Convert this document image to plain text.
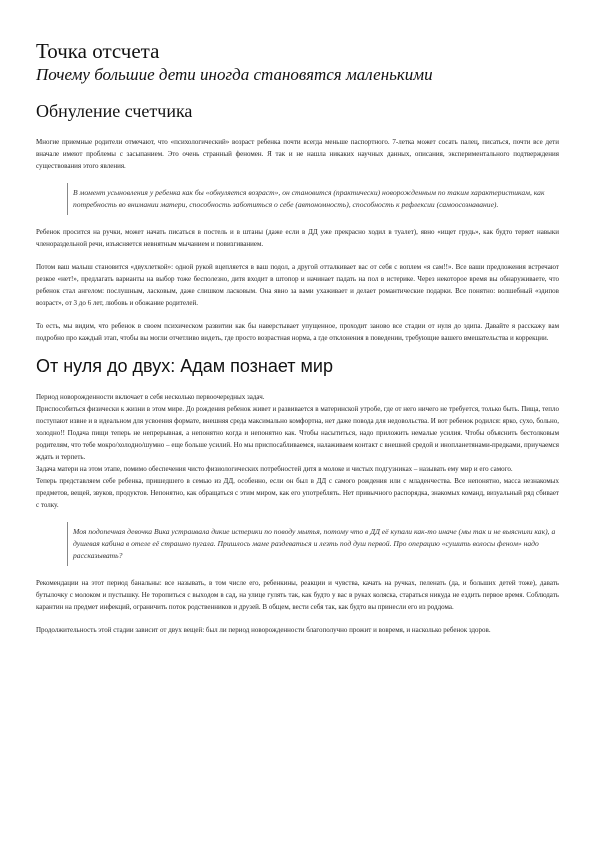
Точка отсчета
Почему большие дети иногда становятся маленькими
Обнуление счетчика

Многие приемные родители отмечают, что «психологический» возраст ребенка почти всегда меньше паспортного. 7-летка может сосать палец, писаться, почти все дети вначале имеют проблемы с засыпанием. Это очень странный феномен. Я так и не нашла никаких научных данных, описания, экспериментального подтверждения существования этого явления.

В момент усыновления у ребенка как бы «обнуляется возраст», он становится (практически) новорожденным по таким характеристикам, как потребность во внимании матери, способность заботиться о себе (автономность), способность к рефлексии (самоосознавание).

Ребенок просится на ручки, может начать писаться в постель и в штаны (даже если в ДД уже прекрасно ходил в туалет), явно «ищет грудь», как будто теряет навыки членораздельной речи, изъясняется невнятным мычанием и повизгиванием.

Потом ваш малыш становится «двухлеткой»: одной рукой вцепляется в ваш подол, а другой отталкивает вас от себя с воплем «я сам!!». Все ваши предложения встречают резкое «нет!», предлагать варианты на выбор тоже бесполезно, дитя входит в штопор и начинает падать на пол в истерике. Через некоторое время вы обнаруживаете, что ребенок стал ангелом: послушным, ласковым, даже слишком ласковым. Она явно за вами ухаживает и делает романтические подарки. Все понятно: волшебный «эдипов возраст», от 3 до 6 лет, любовь и обожание родителей.

То есть, мы видим, что ребенок в своем психическом развитии как бы наверстывает упущенное, проходит заново все стадии от нуля до эдипа. Давайте я расскажу вам подробно про каждый этап, чтобы вы могли отчетливо видеть, где просто возрастная норма, а где отклонения в поведении, требующие вашего вмешательства и коррекции.

От нуля до двух: Адам познает мир

Период новорожденности включает в себя несколько первоочередных задач.

Приспособиться физически к жизни в этом мире. До рождения ребенок живет и развивается в материнской утробе, где от него ничего не требуется, только быть. Пища, тепло поступают извне и в идеальном для усвоения формате, внешняя среда максимально комфортна, нет даже повода для недовольства. И вот ребенок родился: ярко, сухо, больно, холодно!! Подача пищи теперь не непрерывная, а непонятно когда и непонятно как. Чтобы насытиться, надо приложить немалые усилия. Чтобы объяснить бестолковым родителям, что тебе мокро/холодно/шумно – еще больше усилий. Но мы приспосабливаемся, налаживаем контакт с внешней средой и инопланетянами-предками, приучаемся ждать и терпеть.

Задача матери на этом этапе, помимо обеспечения чисто физиологических потребностей дитя в молоке и чистых подгузниках – называть ему мир и его самого.

Теперь представляем себе ребенка, пришедшего в семью из ДД, особенно, если он был в ДД с самого рождения или с младенчества. Все непонятно, масса незнакомых предметов, вещей, звуков, продуктов. Непонятно, как обращаться с этим миром, как его употреблять. Нет привычного распорядка, знакомых команд, визуальный ряд сбивает с толку.

Моя подопечная девочка Вика устраивала дикие истерики по поводу мытья, потому что в ДД её купали как-то иначе (мы так и не выяснили как), а душевая кабина в отеле её страшно пугала. Пришлось маме раздеваться и лезть под душ первой. Про операцию «сушить волосы феном» надо рассказывать?

Рекомендации на этот период банальны: все называть, в том числе его, ребенкины, реакции и чувства, качать на ручках, пеленать (да, и больших детей тоже), давать бутылочку с молоком и пустышку. Не торопиться с выходом в сад, на улице гулять так, как будто у вас в руках коляска, стараться никуда не ездить первое время. Соблюдать карантин на предмет инфекций, ограничить поток родственников и друзей. В общем, вести себя так, как будто вы принесли его из роддома.

Продолжительность этой стадии зависит от двух вещей: был ли период новорожденности благополучно прожит и вовремя, и насколько ребенок здоров.
